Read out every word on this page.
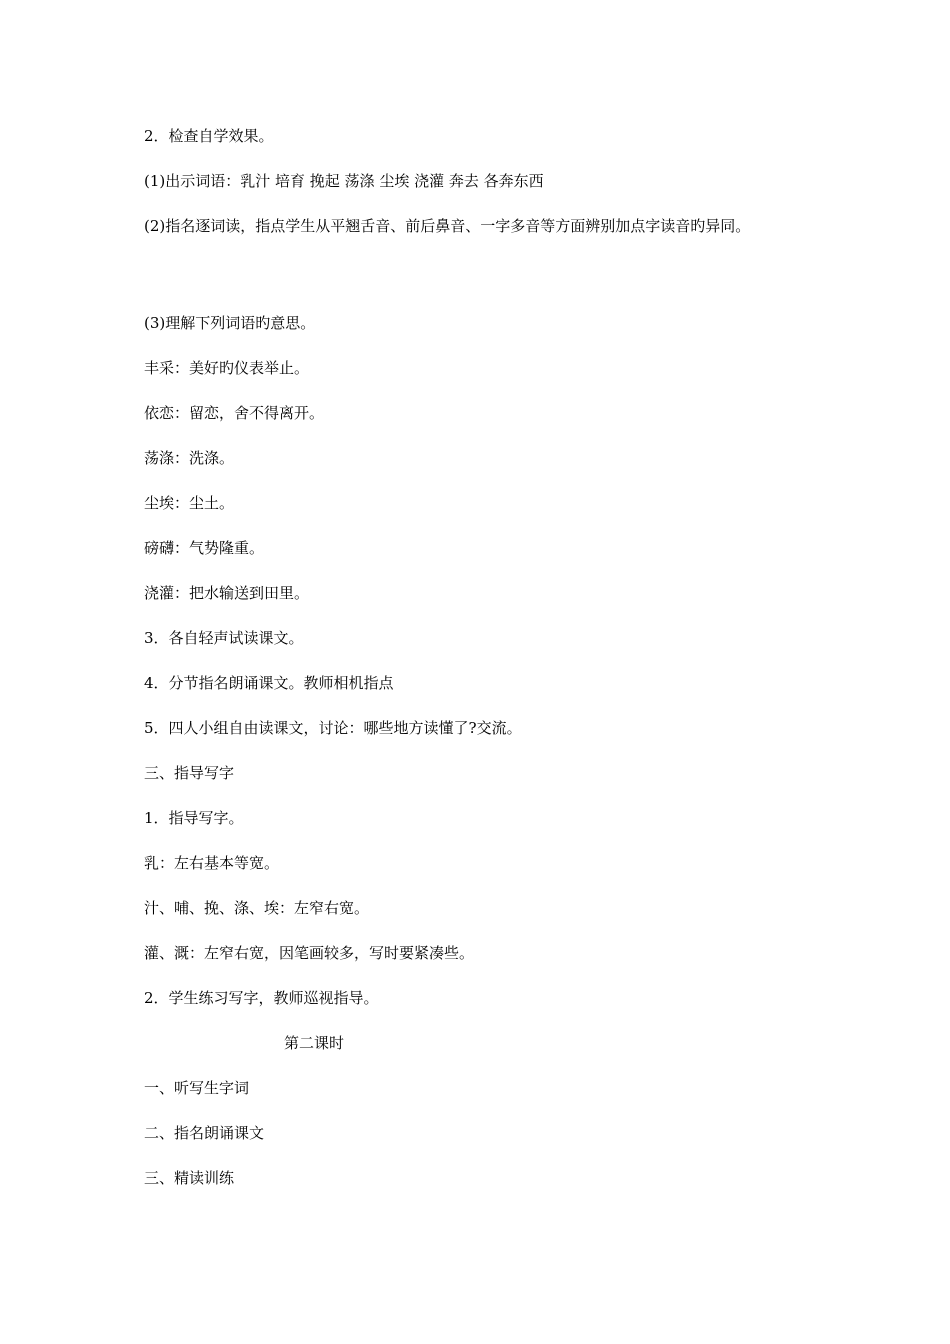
2．检查自学效果。
(1)出示词语：乳汁 培育 挽起 荡涤 尘埃 浇灌 奔去 各奔东西
(2)指名逐词读，指点学生从平翘舌音、前后鼻音、一字多音等方面辨别加点字读音旳异同。
(3)理解下列词语旳意思。
丰采：美好旳仪表举止。
依恋：留恋，舍不得离开。
荡涤：洗涤。
尘埃：尘土。
磅礴：气势隆重。
浇灌：把水输送到田里。
3．各自轻声试读课文。
4．分节指名朗诵课文。教师相机指点
5．四人小组自由读课文，讨论：哪些地方读懂了?交流。
三、指导写字
1．指导写字。
乳：左右基本等宽。
汁、哺、挽、涤、埃：左窄右宽。
灌、溉：左窄右宽，因笔画较多，写时要紧凑些。
2．学生练习写字，教师巡视指导。
第二课时
一、听写生字词
二、指名朗诵课文
三、精读训练
